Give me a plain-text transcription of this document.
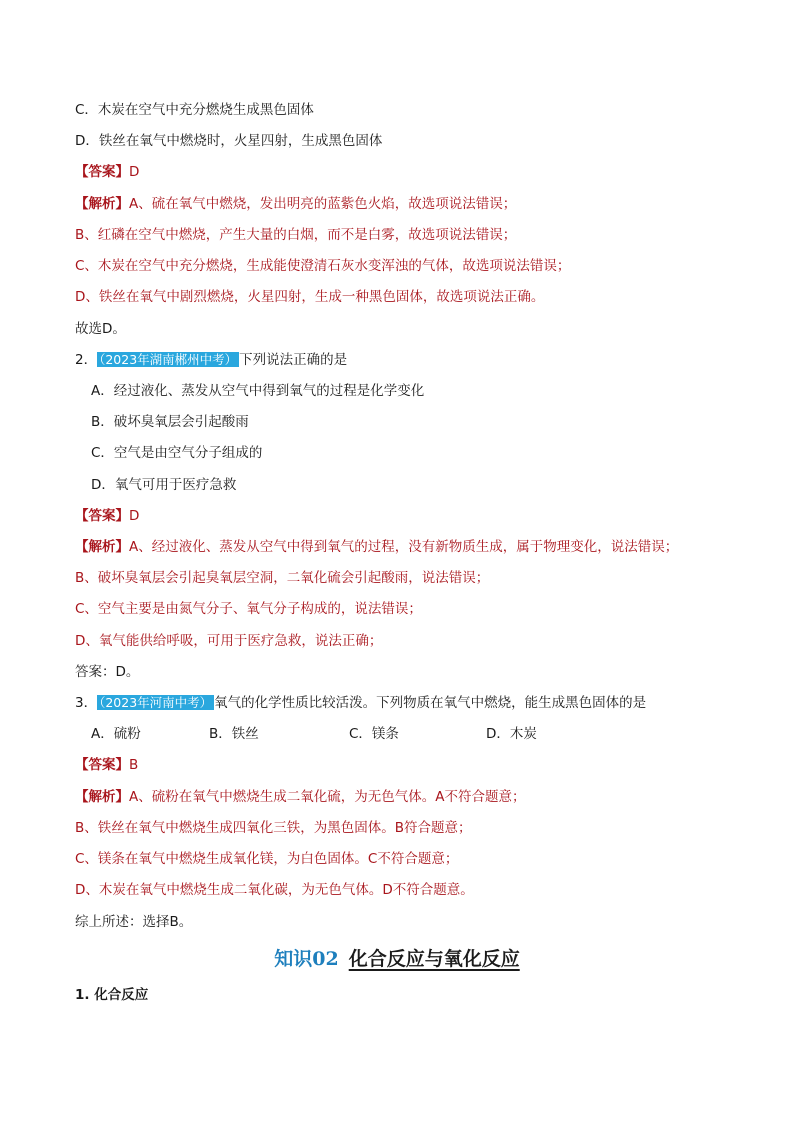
C．木炭在空气中充分燃烧生成黑色固体
D．铁丝在氧气中燃烧时，火星四射，生成黑色固体
【答案】D
【解析】A、硫在氧气中燃烧，发出明亮的蓝紫色火焰，故选项说法错误；
B、红磷在空气中燃烧，产生大量的白烟，而不是白雾，故选项说法错误；
C、木炭在空气中充分燃烧，生成能使澄清石灰水变浑浊的气体，故选项说法错误；
D、铁丝在氧气中剧烈燃烧，火星四射，生成一种黑色固体，故选项说法正确。
故选D。
2． （2023年湖南郴州中考） 下列说法正确的是
A．经过液化、蒸发从空气中得到氧气的过程是化学变化
B．破坏臭氧层会引起酸雨
C．空气是由空气分子组成的
D．氧气可用于医疗急救
【答案】D
【解析】A、经过液化、蒸发从空气中得到氧气的过程，没有新物质生成，属于物理变化，说法错误；
B、破坏臭氧层会引起臭氧层空洞，二氧化硫会引起酸雨，说法错误；
C、空气主要是由氮气分子、氧气分子构成的，说法错误；
D、氧气能供给呼吸，可用于医疗急救，说法正确；
答案：D。
3． （2023年河南中考） 氧气的化学性质比较活泼。下列物质在氧气中燃烧，能生成黑色固体的是
A．硫粉	B．铁丝	C．镁条	D．木炭
【答案】B
【解析】A、硫粉在氧气中燃烧生成二氧化硫，为无色气体。A不符合题意；
B、铁丝在氧气中燃烧生成四氧化三铁，为黑色固体。B符合题意；
C、镁条在氧气中燃烧生成氧化镁，为白色固体。C不符合题意；
D、木炭在氧气中燃烧生成二氧化碳，为无色气体。D不符合题意。
综上所述：选择B。
知识02 化合反应与氧化反应
1. 化合反应
